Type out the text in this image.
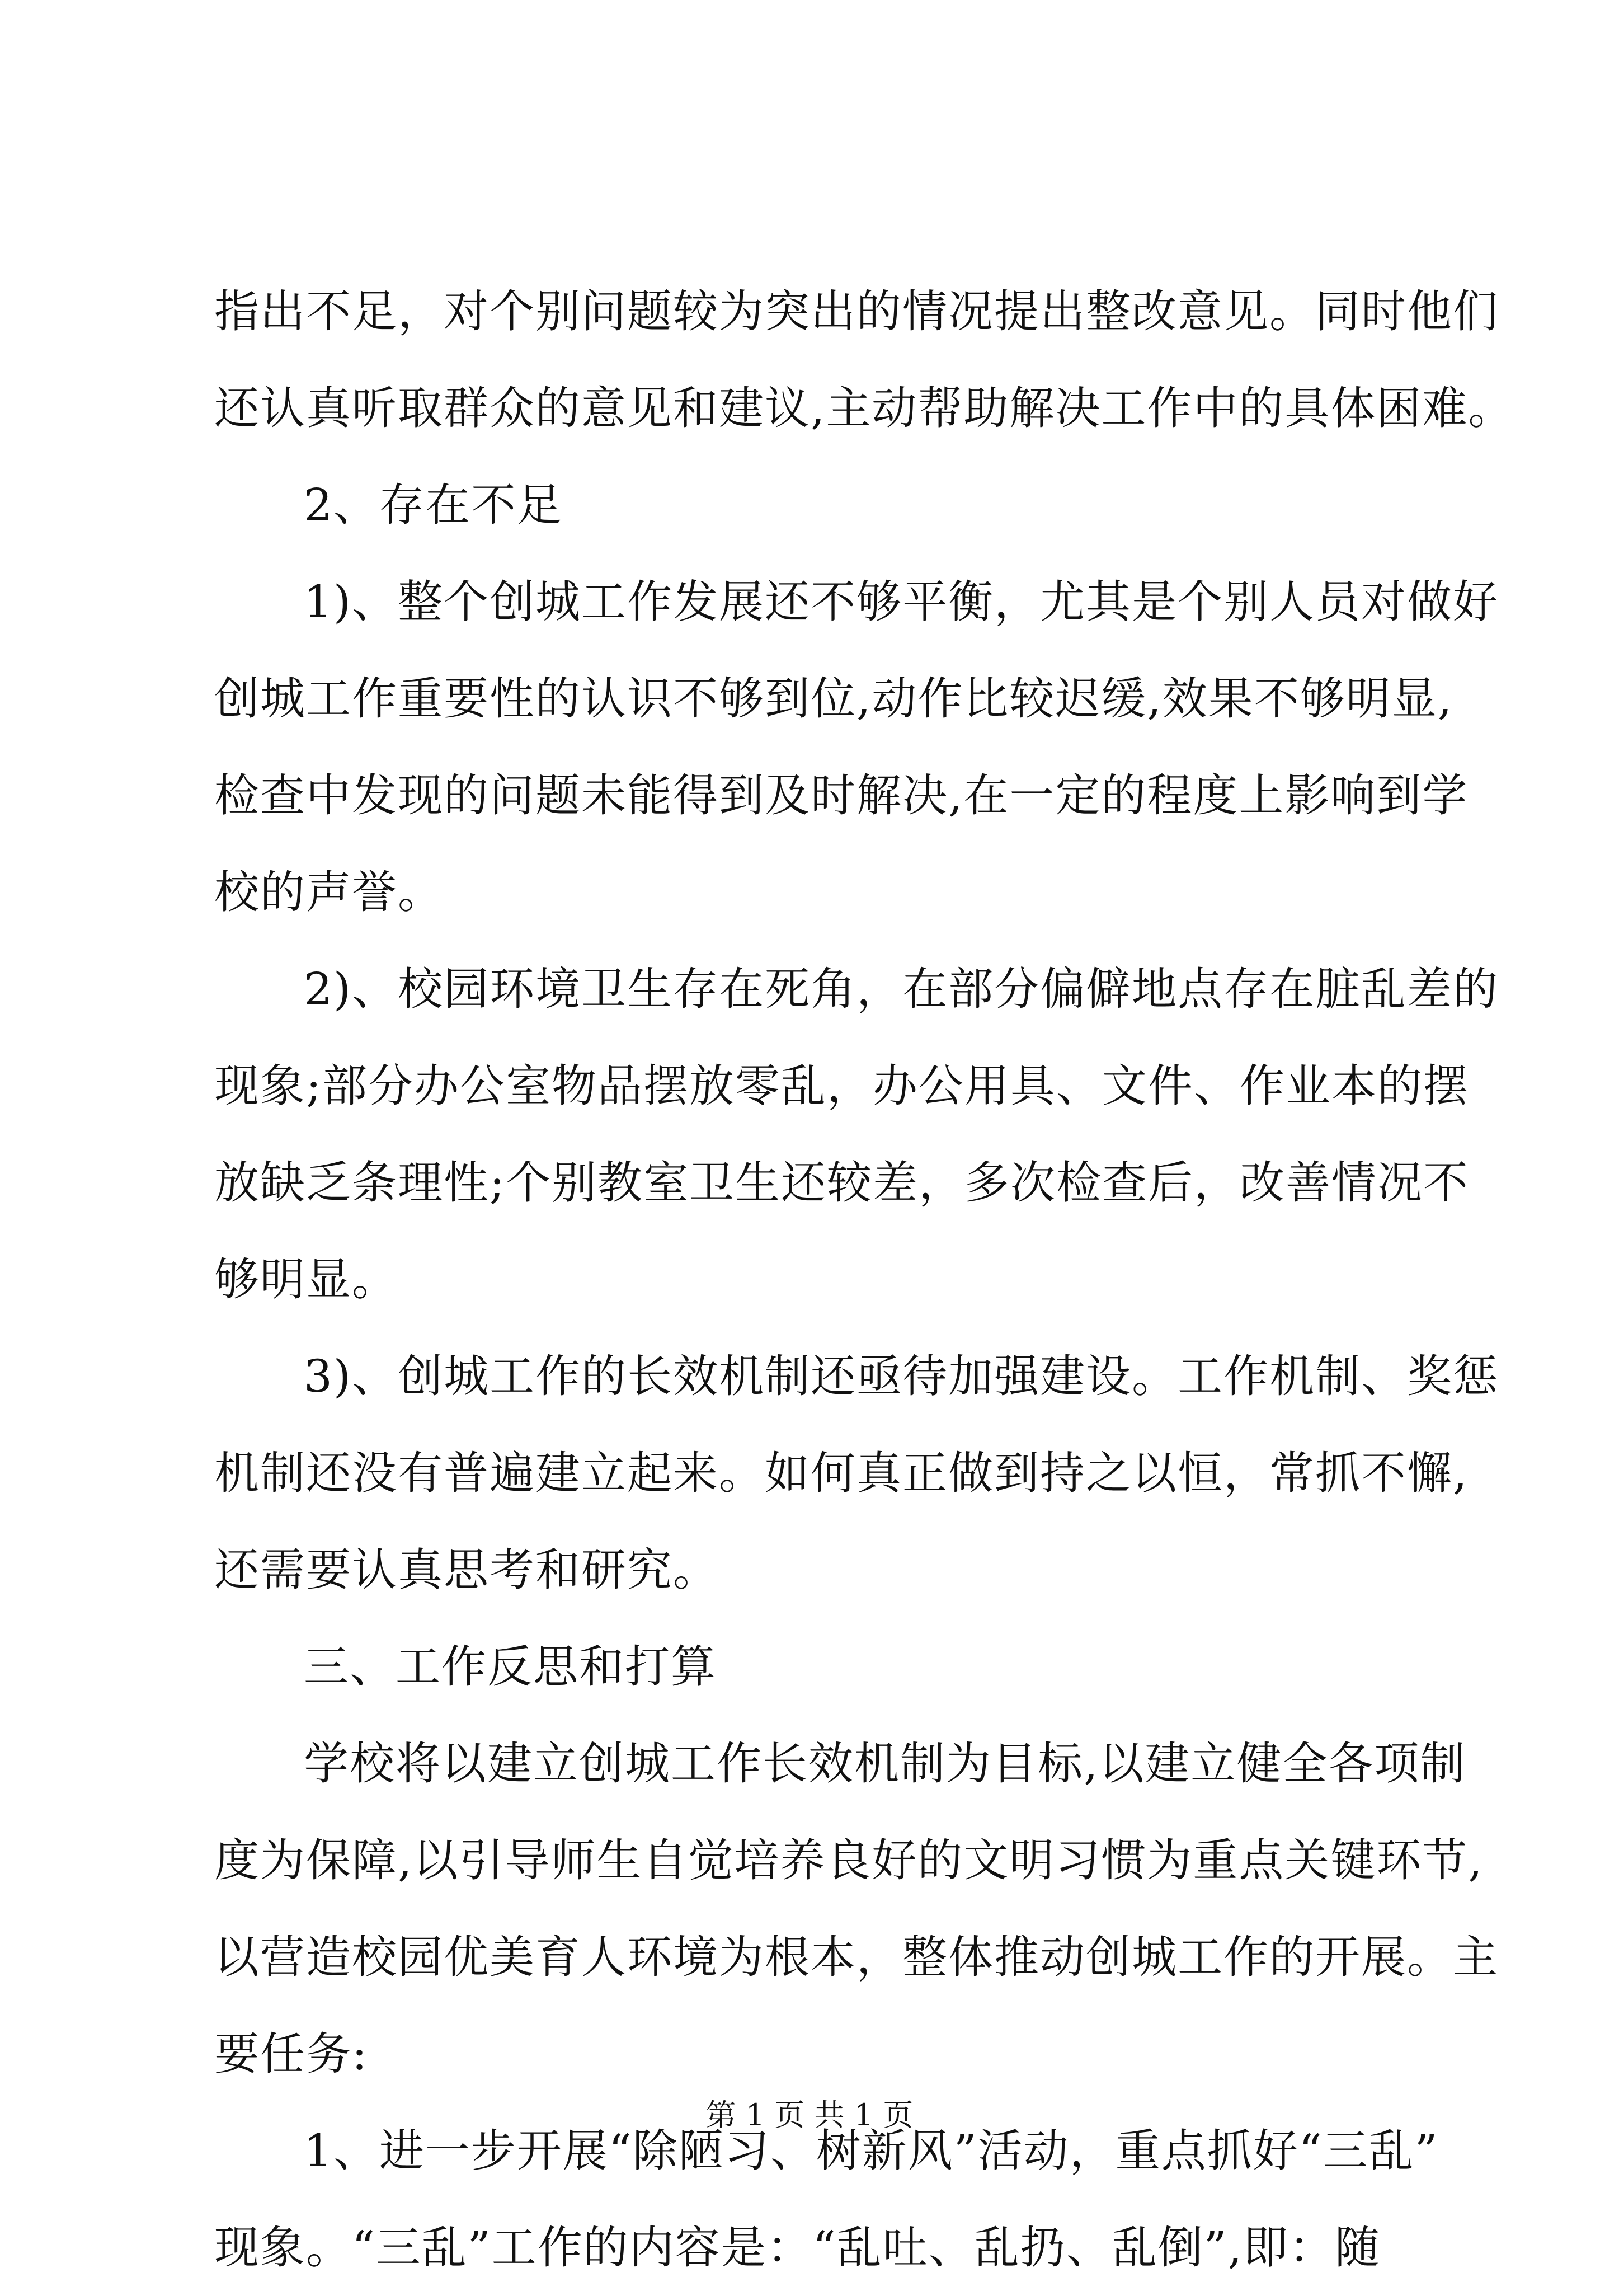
指出不足，对个别问题较为突出的情况提出整改意见。同时他们
还认真听取群众的意见和建议,主动帮助解决工作中的具体困难。
2、存在不足
1)、整个创城工作发展还不够平衡，尤其是个别人员对做好
创城工作重要性的认识不够到位,动作比较迟缓,效果不够明显,
检查中发现的问题未能得到及时解决,在一定的程度上影响到学
校的声誉。
2)、校园环境卫生存在死角，在部分偏僻地点存在脏乱差的
现象;部分办公室物品摆放零乱，办公用具、文件、作业本的摆
放缺乏条理性;个别教室卫生还较差，多次检查后，改善情况不
够明显。
3)、创城工作的长效机制还亟待加强建设。工作机制、奖惩
机制还没有普遍建立起来。如何真正做到持之以恒，常抓不懈,
还需要认真思考和研究。
三、工作反思和打算
学校将以建立创城工作长效机制为目标,以建立健全各项制
度为保障,以引导师生自觉培养良好的文明习惯为重点关键环节,
以营造校园优美育人环境为根本，整体推动创城工作的开展。主
要任务:
1、进一步开展“除陋习、树新风”活动，重点抓好“三乱”
现象。“三乱”工作的内容是：“乱吐、乱扔、乱倒”,即：随
第 1 页 共 1 页
